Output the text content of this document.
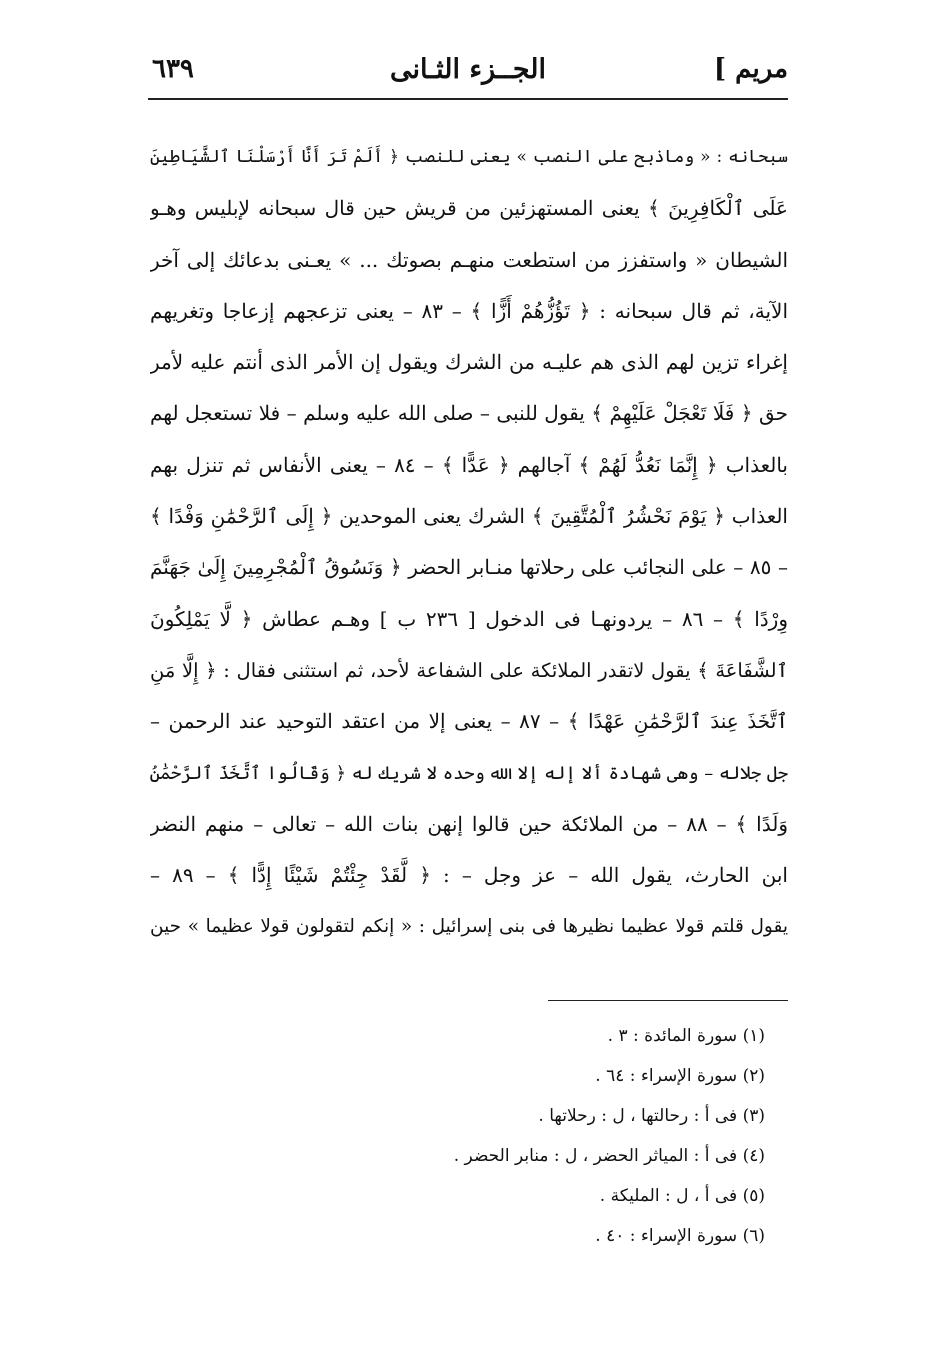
مريم ]
الجــزء الثـانى
٦٣٩
سبحانه : « وماذبح على النصب » يعنى للنصب ﴿ أَلَمْ تَرَ أَنَّا أَرْسَلْنَا ٱلشَّيَاطِينَ
عَلَى ٱلْكَافِرِينَ ﴾ يعنى المستهزئين من قريش حين قال سبحانه لإبليس وهـو
الشيطان « واستفزز من استطعت منهـم بصوتك ... » يعـنى بدعائك إلى آخر
الآية، ثم قال سبحانه : ﴿ تَؤُزُّهُمْ أَزًّا ﴾ – ٨٣ – يعنى تزعجهم إزعاجا وتغريهم
إغراء تزين لهم الذى هم عليـه من الشرك ويقول إن الأمر الذى أنتم عليه لأمر
حق ﴿ فَلَا تَعْجَلْ عَلَيْهِمْ ﴾ يقول للنبى – صلى الله عليه وسلم – فلا تستعجل لهم
بالعذاب ﴿ إِنَّمَا نَعُدُّ لَهُمْ ﴾ آجالهم ﴿ عَدًّا ﴾ – ٨٤ – يعنى الأنفاس ثم تنزل بهم
العذاب ﴿ يَوْمَ نَحْشُرُ ٱلْمُتَّقِينَ ﴾ الشرك يعنى الموحدين ﴿ إِلَى ٱلرَّحْمَٰنِ وَفْدًا ﴾
– ٨٥ – على النجائب على رحلاتها منـابر الحضر ﴿ وَنَسُوقُ ٱلْمُجْرِمِينَ إِلَىٰ جَهَنَّمَ
وِرْدًا ﴾ – ٨٦ – يردونهـا فى الدخول [ ٢٣٦ ب ] وهـم عطاش ﴿ لَّا يَمْلِكُونَ
ٱلشَّفَاعَةَ ﴾ يقول لاتقدر الملائكة على الشفاعة لأحد، ثم استثنى فقال : ﴿ إِلَّا مَنِ
ٱتَّخَذَ عِندَ ٱلرَّحْمَٰنِ عَهْدًا ﴾ – ٨٧ – يعنى إلا من اعتقد التوحيد عند الرحمن –
جل جلاله – وهى شهادة ألا إله إلا الله وحده لا شريك له ﴿ وَقَالُوا ٱتَّخَذَ ٱلرَّحْمَٰنُ
وَلَدًا ﴾ – ٨٨ – من الملائكة حين قالوا إنهن بنات الله – تعالى – منهم النضر
ابن الحارث، يقول الله – عز وجل – : ﴿ لَّقَدْ جِئْتُمْ شَيْئًا إِدًّا ﴾ – ٨٩ –
يقول قلتم قولا عظيما نظيرها فى بنى إسرائيل : « إنكم لتقولون قولا عظيما » حين
(١) سورة المائدة : ٣ .
(٢) سورة الإسراء : ٦٤ .
(٣) فى أ : رحالتها ، ل : رحلاتها .
(٤) فى أ : المياثر الحضر ، ل : منابر الحضر .
(٥) فى أ ، ل : المليكة .
(٦) سورة الإسراء : ٤٠ .
